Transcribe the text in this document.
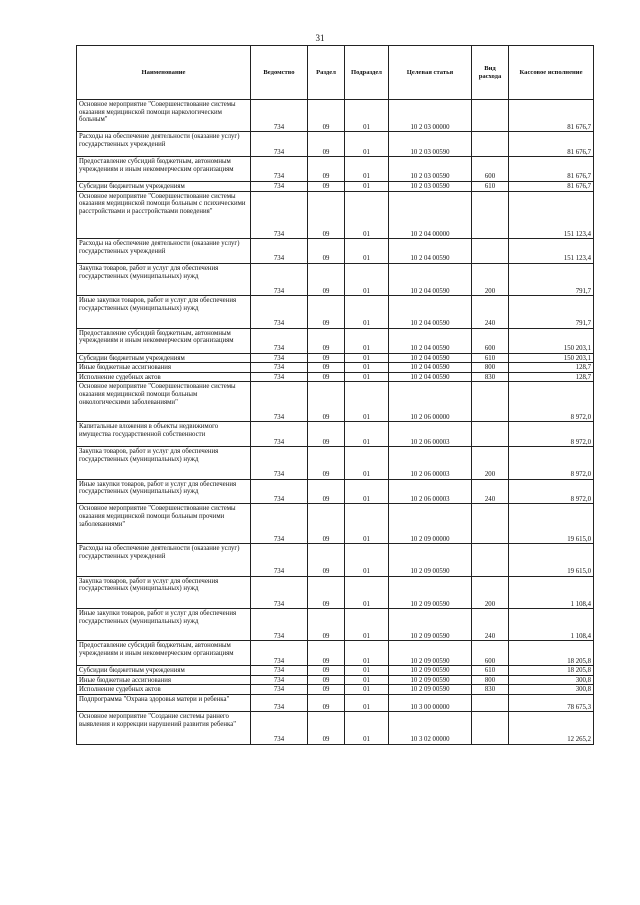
31
Наименование	Ведомство	Раздел	Подраздел	Целевая статья	Вид расхода	Кассовое исполнение
Основное мероприятие "Совершенствование системы оказания медицинской помощи наркологическим больным"	734	09	01	10 2 03 00000		81 676,7
Расходы на обеспечение деятельности (оказание услуг) государственных учреждений	734	09	01	10 2 03 00590		81 676,7
Предоставление субсидий бюджетным, автономным учреждениям и иным некоммерческим организациям	734	09	01	10 2 03 00590	600	81 676,7
Субсидии бюджетным учреждениям	734	09	01	10 2 03 00590	610	81 676,7
Основное мероприятие "Совершенствование системы оказания медицинской помощи больным с психическими расстройствами и расстройствами поведения"	734	09	01	10 2 04 00000		151 123,4
Расходы на обеспечение деятельности (оказание услуг) государственных учреждений	734	09	01	10 2 04 00590		151 123,4
Закупка товаров, работ и услуг для обеспечения государственных (муниципальных) нужд	734	09	01	10 2 04 00590	200	791,7
Иные закупки товаров, работ и услуг для обеспечения государственных (муниципальных) нужд	734	09	01	10 2 04 00590	240	791,7
Предоставление субсидий бюджетным, автономным учреждениям и иным некоммерческим организациям	734	09	01	10 2 04 00590	600	150 203,1
Субсидии бюджетным учреждениям	734	09	01	10 2 04 00590	610	150 203,1
Иные бюджетные ассигнования	734	09	01	10 2 04 00590	800	128,7
Исполнение судебных актов	734	09	01	10 2 04 00590	830	128,7
Основное мероприятие "Совершенствование системы оказания медицинской помощи больным онкологическими заболеваниями"	734	09	01	10 2 06 00000		8 972,0
Капитальные вложения в объекты недвижимого имущества государственной собственности	734	09	01	10 2 06 00003		8 972,0
Закупка товаров, работ и услуг для обеспечения государственных (муниципальных) нужд	734	09	01	10 2 06 00003	200	8 972,0
Иные закупки товаров, работ и услуг для обеспечения государственных (муниципальных) нужд	734	09	01	10 2 06 00003	240	8 972,0
Основное мероприятие "Совершенствование системы оказания медицинской помощи больным прочими заболеваниями"	734	09	01	10 2 09 00000		19 615,0
Расходы на обеспечение деятельности (оказание услуг) государственных учреждений	734	09	01	10 2 09 00590		19 615,0
Закупка товаров, работ и услуг для обеспечения государственных (муниципальных) нужд	734	09	01	10 2 09 00590	200	1 108,4
Иные закупки товаров, работ и услуг для обеспечения государственных (муниципальных) нужд	734	09	01	10 2 09 00590	240	1 108,4
Предоставление субсидий бюджетным, автономным учреждениям и иным некоммерческим организациям	734	09	01	10 2 09 00590	600	18 205,8
Субсидии бюджетным учреждениям	734	09	01	10 2 09 00590	610	18 205,8
Иные бюджетные ассигнования	734	09	01	10 2 09 00590	800	300,8
Исполнение судебных актов	734	09	01	10 2 09 00590	830	300,8
Подпрограмма "Охрана здоровья матери и ребенка"	734	09	01	10 3 00 00000		78 675,3
Основное мероприятие "Создание системы раннего выявления и коррекции нарушений развития ребенка"	734	09	01	10 3 02 00000		12 265,2
